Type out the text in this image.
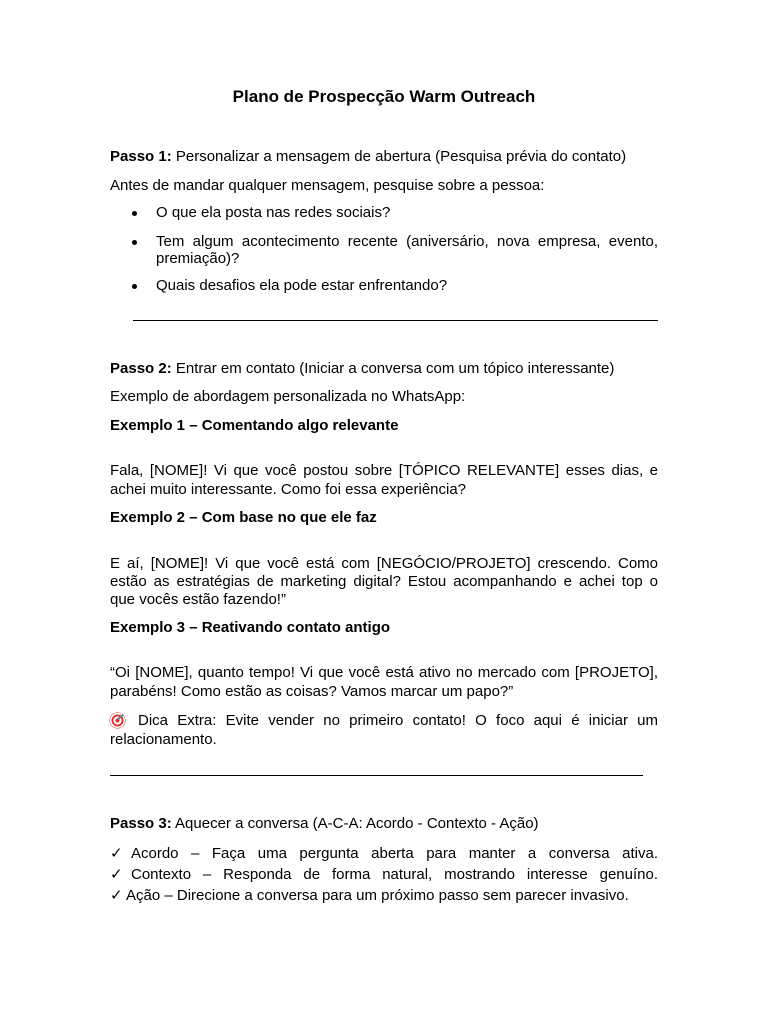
Plano de Prospecção Warm Outreach
Passo 1: Personalizar a mensagem de abertura (Pesquisa prévia do contato)
Antes de mandar qualquer mensagem, pesquise sobre a pessoa:
O que ela posta nas redes sociais?
Tem algum acontecimento recente (aniversário, nova empresa, evento,
premiação)?
Quais desafios ela pode estar enfrentando?
Passo 2: Entrar em contato (Iniciar a conversa com um tópico interessante)
Exemplo de abordagem personalizada no WhatsApp:
Exemplo 1 – Comentando algo relevante
Fala, [NOME]! Vi que você postou sobre [TÓPICO RELEVANTE] esses dias, e
achei muito interessante. Como foi essa experiência?
Exemplo 2 – Com base no que ele faz
E aí, [NOME]! Vi que você está com [NEGÓCIO/PROJETO] crescendo. Como
estão as estratégias de marketing digital? Estou acompanhando e achei top o
que vocês estão fazendo!”
Exemplo 3 – Reativando contato antigo
“Oi [NOME], quanto tempo! Vi que você está ativo no mercado com [PROJETO],
parabéns! Como estão as coisas? Vamos marcar um papo?”
Dica Extra: Evite vender no primeiro contato! O foco aqui é iniciar um
relacionamento.
Passo 3: Aquecer a conversa (A-C-A: Acordo - Contexto - Ação)
✓ Acordo – Faça uma pergunta aberta para manter a conversa ativa.
✓ Contexto – Responda de forma natural, mostrando interesse genuíno.
✓ Ação – Direcione a conversa para um próximo passo sem parecer invasivo.
